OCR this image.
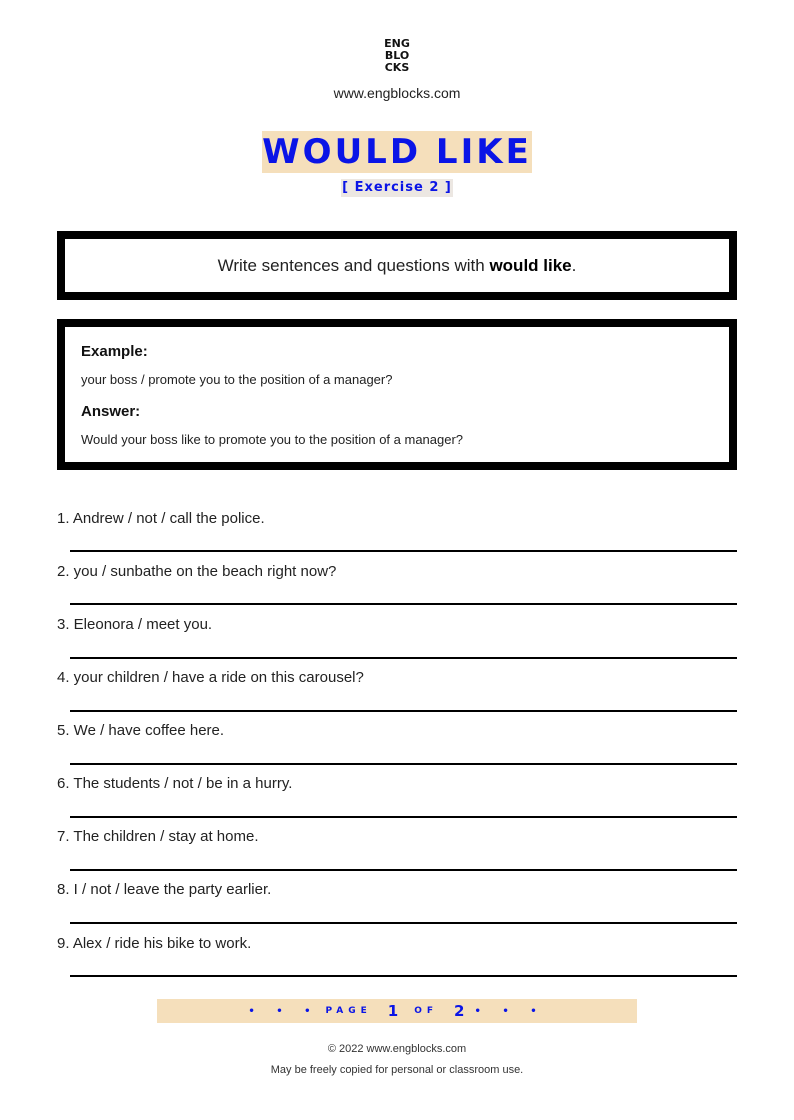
ENG
BLO
CKS
www.engblocks.com
WOULD LIKE
[ Exercise 2 ]
Write sentences and questions with would like.
Example:
your boss / promote you to the position of a manager?
Answer:
Would your boss like to promote you to the position of a manager?
1. Andrew / not / call the police.
2. you / sunbathe on the beach right now?
3. Eleonora / meet you.
4. your children / have a ride on this carousel?
5. We / have coffee here.
6. The students / not / be in a hurry.
7. The children / stay at home.
8. I / not / leave the party earlier.
9. Alex / ride his bike to work.
• • • PAGE 1 OF 2 • • •
© 2022 www.engblocks.com
May be freely copied for personal or classroom use.
